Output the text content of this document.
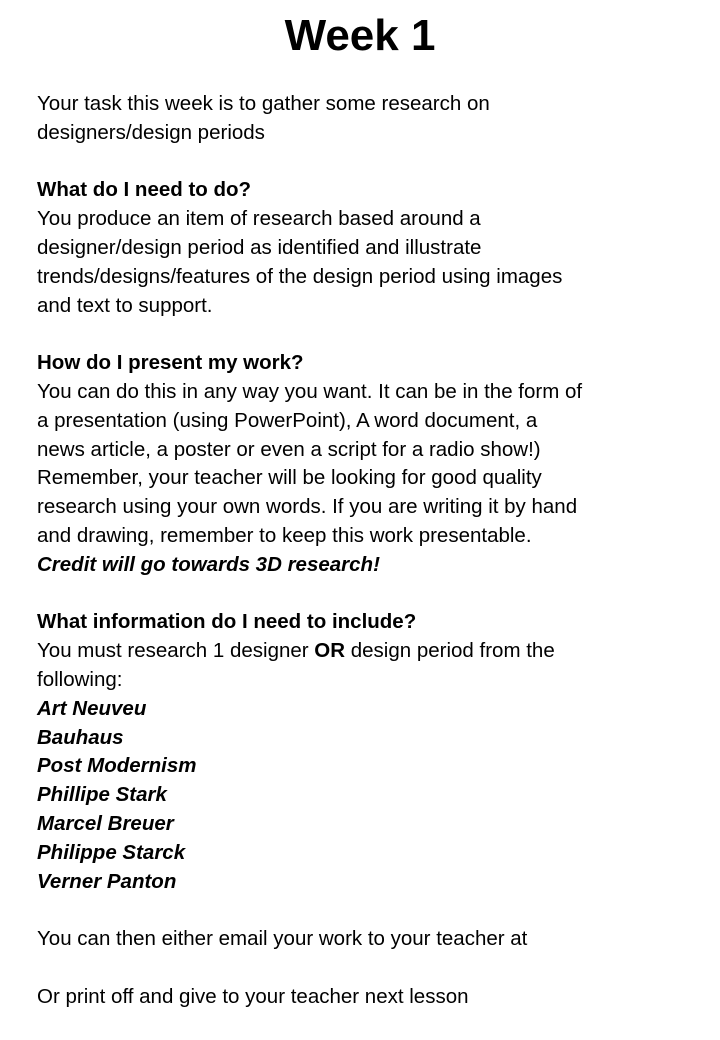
Week 1
Your task this week is to gather some research on
designers/design periods
What do I need to do?
You produce an item of research based around a
designer/design period as identified and illustrate
trends/designs/features of the design period using images
and text to support.
How do I present my work?
You can do this in any way you want. It can be in the form of
a presentation (using PowerPoint), A word document, a
news article, a poster or even a script for a radio show!)
Remember, your teacher will be looking for good quality
research using your own words. If you are writing it by hand
and drawing, remember to keep this work presentable.
Credit will go towards 3D research!
What information do I need to include?
You must research 1 designer OR design period from the
following:
Art Neuveu
Bauhaus
Post Modernism
Phillipe Stark
Marcel Breuer
Philippe Starck
Verner Panton
You can then either email your work to your teacher at
Or print off and give to your teacher next lesson
